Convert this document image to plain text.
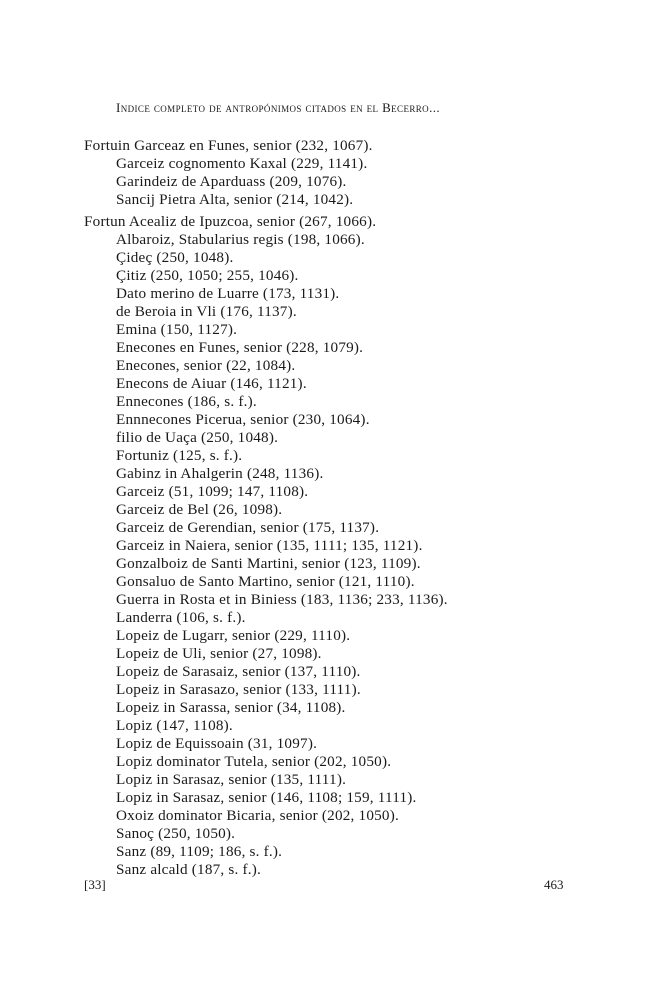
Indice completo de antropónimos citados en el Becerro...
Fortuin Garceaz en Funes, senior (232, 1067).
Garceiz cognomento Kaxal (229, 1141).
Garindeiz de Aparduass (209, 1076).
Sancij Pietra Alta, senior (214, 1042).
Fortun Acealiz de Ipuzcoa, senior (267, 1066).
Albaroiz, Stabularius regis (198, 1066).
Çideç (250, 1048).
Çitiz (250, 1050; 255, 1046).
Dato merino de Luarre (173, 1131).
de Beroia in Vli (176, 1137).
Emina (150, 1127).
Enecones en Funes, senior (228, 1079).
Enecones, senior (22, 1084).
Enecons de Aiuar (146, 1121).
Ennecones (186, s. f.).
Ennnecones Picerua, senior (230, 1064).
filio de Uaça (250, 1048).
Fortuniz (125, s. f.).
Gabinz in Ahalgerin (248, 1136).
Garceiz (51, 1099; 147, 1108).
Garceiz de Bel (26, 1098).
Garceiz de Gerendian, senior (175, 1137).
Garceiz in Naiera, senior (135, 1111; 135, 1121).
Gonzalboiz de Santi Martini, senior (123, 1109).
Gonsaluo de Santo Martino, senior (121, 1110).
Guerra in Rosta et in Biniess (183, 1136; 233, 1136).
Landerra (106, s. f.).
Lopeiz de Lugarr, senior (229, 1110).
Lopeiz de Uli, senior (27, 1098).
Lopeiz de Sarasaiz, senior (137, 1110).
Lopeiz in Sarasazo, senior (133, 1111).
Lopeiz in Sarassa, senior (34, 1108).
Lopiz (147, 1108).
Lopiz de Equissoain (31, 1097).
Lopiz dominator Tutela, senior (202, 1050).
Lopiz in Sarasaz, senior (135, 1111).
Lopiz in Sarasaz, senior (146, 1108; 159, 1111).
Oxoiz dominator Bicaria, senior (202, 1050).
Sanoç (250, 1050).
Sanz (89, 1109; 186, s. f.).
Sanz alcald (187, s. f.).
[33]	463
